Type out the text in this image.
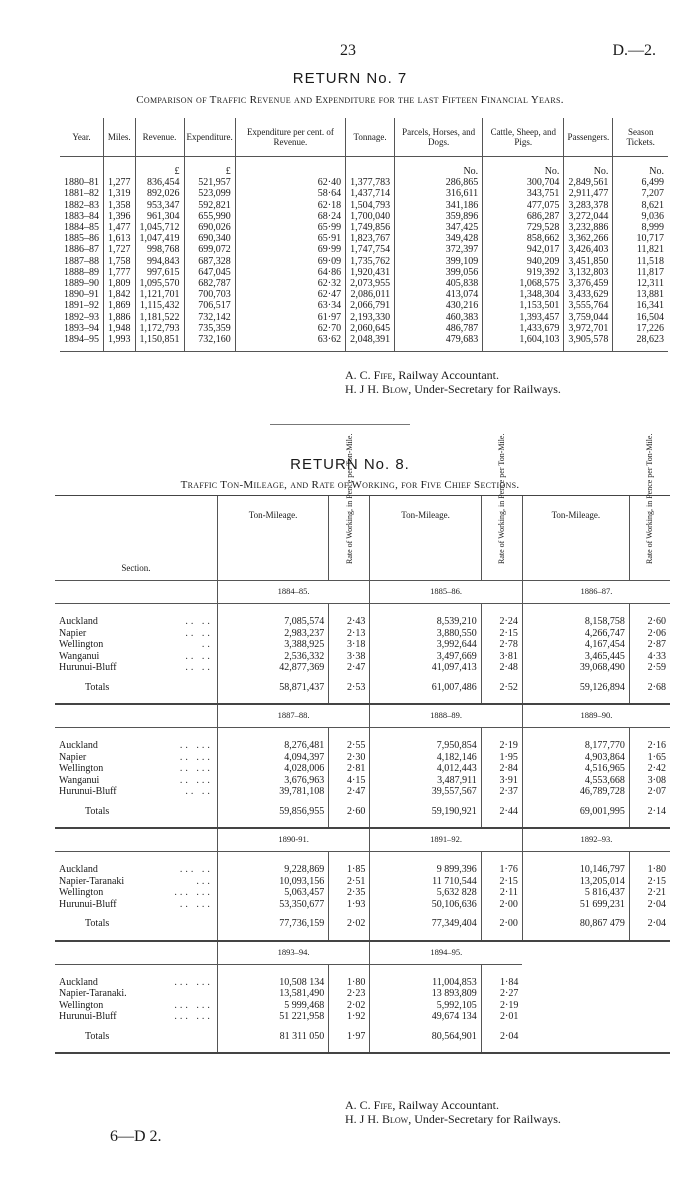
23	D.—2.
RETURN No. 7
Comparison of Traffic Revenue and Expenditure for the last Fifteen Financial Years.
Year.	Miles.	Revenue.	Expenditure.	Expenditure per cent. of Revenue.	Tonnage.	Parcels, Horses, and Dogs.	Cattle, Sheep, and Pigs.	Passengers.	Season Tickets.
		£	£			No.	No.	No.	No.
1880–81	1,277	836,454	521,957	62·40	1,377,783	286,865	300,704	2,849,561	6,499
1881–82	1,319	892,026	523,099	58·64	1,437,714	316,611	343,751	2,911,477	7,207
1882–83	1,358	953,347	592,821	62·18	1,504,793	341,186	477,075	3,283,378	8,621
1883–84	1,396	961,304	655,990	68·24	1,700,040	359,896	686,287	3,272,044	9,036
1884–85	1,477	1,045,712	690,026	65·99	1,749,856	347,425	729,528	3,232,886	8,999
1885–86	1,613	1,047,419	690,340	65·91	1,823,767	349,428	858,662	3,362,266	10,717
1886–87	1,727	998,768	699,072	69·99	1,747,754	372,397	942,017	3,426,403	11,821
1887–88	1,758	994,843	687,328	69·09	1,735,762	399,109	940,209	3,451,850	11,518
1888–89	1,777	997,615	647,045	64·86	1,920,431	399,056	919,392	3,132,803	11,817
1889–90	1,809	1,095,570	682,787	62·32	2,073,955	405,838	1,068,575	3,376,459	12,311
1890–91	1,842	1,121,701	700,703	62·47	2,086,011	413,074	1,348,304	3,433,629	13,881
1891–92	1,869	1,115,432	706,517	63·34	2,066,791	430,216	1,153,501	3,555,764	16,341
1892–93	1,886	1,181,522	732,142	61·97	2,193,330	460,383	1,393,457	3,759,044	16,504
1893–94	1,948	1,172,793	735,359	62·70	2,060,645	486,787	1,433,679	3,972,701	17,226
1894–95	1,993	1,150,851	732,160	63·62	2,048,391	479,683	1,604,103	3,905,578	28,623
A. C. Fife, Railway Accountant.
H. J H. Blow, Under-Secretary for Railways.
RETURN No. 8.
Traffic Ton-Mileage, and Rate of Working, for Five Chief Sections.
Section.	Ton-Mileage.	Rate of Working, in Pence per Ton-Mile.	Ton-Mileage.	Rate of Working, in Pence per Ton-Mile.	Ton-Mileage.	Rate of Working, in Pence per Ton-Mile.
	1884–85.		1885–86.		1886–87.	

Auckland .. ..	7,085,574	2·43	8,539,210	2·24	8,158,758	2·60
Napier .. ..	2,983,237	2·13	3,880,550	2·15	4,266,747	2·06
Wellington ..	3,388,925	3·18	3,992,644	2·78	4,167,454	2·87
Wanganui .. ..	2,536,332	3·38	3,497,669	3·81	3,465,445	4·33
Hurunui-Bluff .. ..	42,877,369	2·47	41,097,413	2·48	39,068,490	2·59
Totals	58,871,437	2·53	61,007,486	2·52	59,126,894	2·68

	1887–88.		1888–89.		1889–90.	

Auckland .. ...	8,276,481	2·55	7,950,854	2·19	8,177,770	2·16
Napier .. ...	4,094,397	2·30	4,182,146	1·95	4,903,864	1·65
Wellington .. ...	4,028,006	2·81	4,012,443	2·84	4,516,965	2·42
Wanganui .. ...	3,676,963	4·15	3,487,911	3·91	4,553,668	3·08
Hurunui-Bluff .. ..	39,781,108	2·47	39,557,567	2·37	46,789,728	2·07
Totals	59,856,955	2·60	59,190,921	2·44	69,001,995	2·14

	1890-91.		1891–92.		1892–93.	

Auckland ... ..	9,228,869	1·85	9 899,396	1·76	10,146,797	1·80
Napier-Taranaki ...	10,093,156	2·51	11 710,544	2·15	13,205,014	2·15
Wellington ... ...	5,063,457	2·35	5,632 828	2·11	5 816,437	2·21
Hurunui-Bluff .. ...	53,350,677	1·93	50,106,636	2·00	51 699,231	2·04
Totals	77,736,159	2·02	77,349,404	2·00	80,867 479	2·04

	1893–94.		1894–95.			

Auckland ... ...	10,508 134	1·80	11,004,853	1·84		
Napier-Taranaki.	13,581,490	2·23	13 893,809	2·27		
Wellington ... ...	5 999,468	2·02	5,992,105	2·19		
Hurunui-Bluff ... ...	51 221,958	1·92	49,674 134	2·01		
Totals	81 311 050	1·97	80,564,901	2·04		

A. C. Fife, Railway Accountant.
H. J H. Blow, Under-Secretary for Railways.
6—D 2.
